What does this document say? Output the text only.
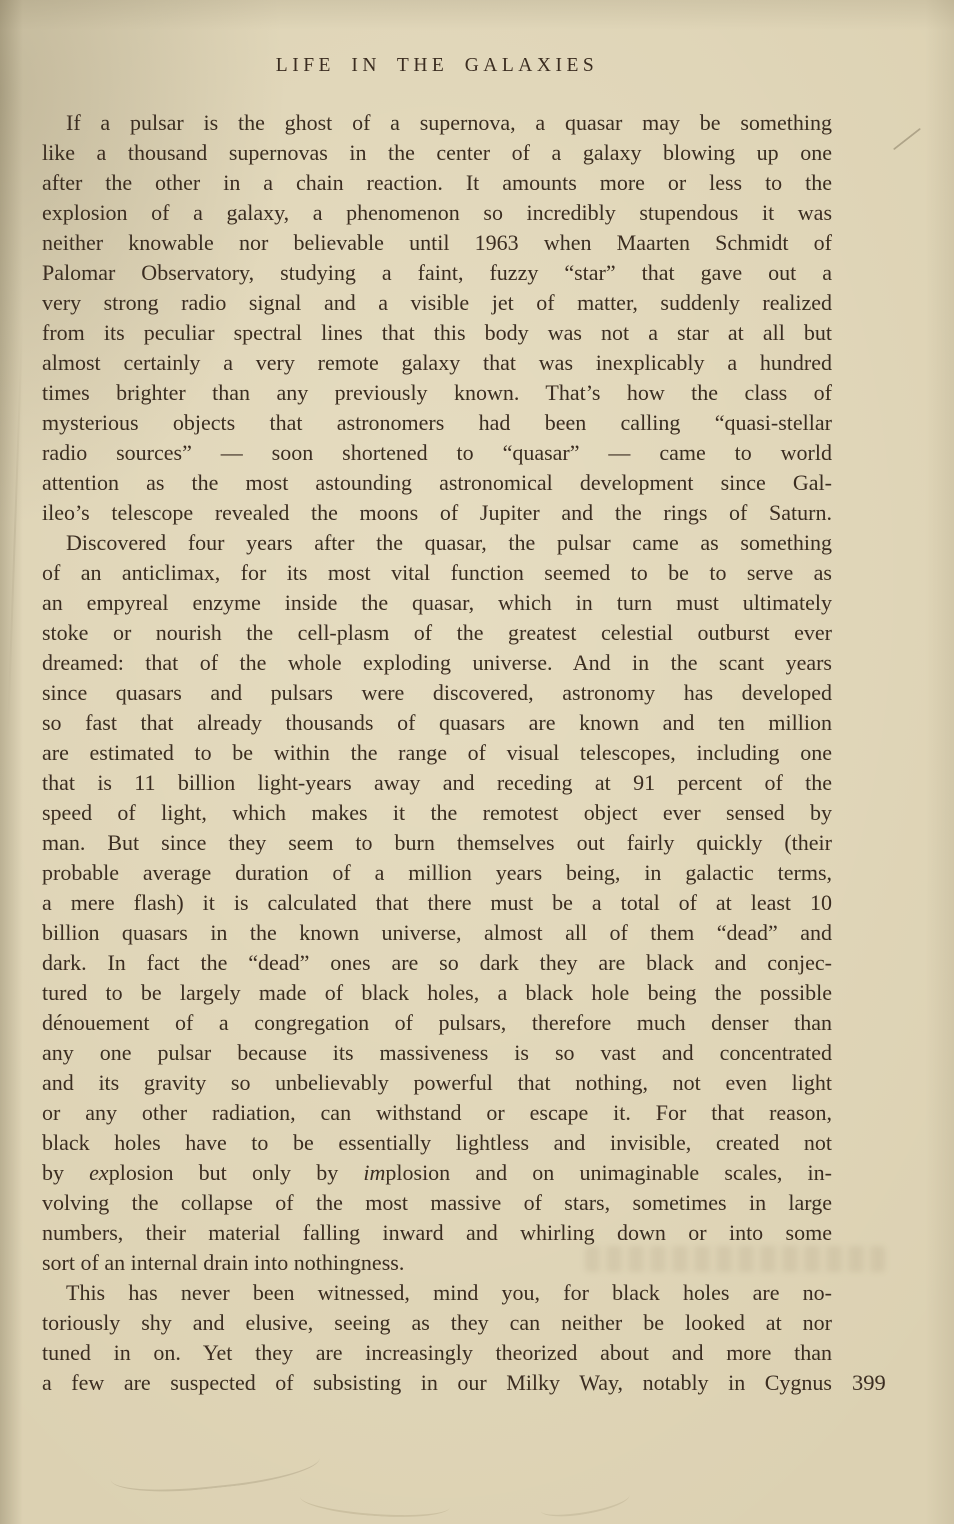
LIFE IN THE GALAXIES
If a pulsar is the ghost of a supernova, a quasar may be something
like a thousand supernovas in the center of a galaxy blowing up one
after the other in a chain reaction. It amounts more or less to the
explosion of a galaxy, a phenomenon so incredibly stupendous it was
neither knowable nor believable until 1963 when Maarten Schmidt of
Palomar Observatory, studying a faint, fuzzy “star” that gave out a
very strong radio signal and a visible jet of matter, suddenly realized
from its peculiar spectral lines that this body was not a star at all but
almost certainly a very remote galaxy that was inexplicably a hundred
times brighter than any previously known. That’s how the class of
mysterious objects that astronomers had been calling “quasi-stellar
radio sources” — soon shortened to “quasar” — came to world
attention as the most astounding astronomical development since Gal-
ileo’s telescope revealed the moons of Jupiter and the rings of Saturn.
Discovered four years after the quasar, the pulsar came as something
of an anticlimax, for its most vital function seemed to be to serve as
an empyreal enzyme inside the quasar, which in turn must ultimately
stoke or nourish the cell-plasm of the greatest celestial outburst ever
dreamed: that of the whole exploding universe. And in the scant years
since quasars and pulsars were discovered, astronomy has developed
so fast that already thousands of quasars are known and ten million
are estimated to be within the range of visual telescopes, including one
that is 11 billion light-years away and receding at 91 percent of the
speed of light, which makes it the remotest object ever sensed by
man. But since they seem to burn themselves out fairly quickly (their
probable average duration of a million years being, in galactic terms,
a mere flash) it is calculated that there must be a total of at least 10
billion quasars in the known universe, almost all of them “dead” and
dark. In fact the “dead” ones are so dark they are black and conjec-
tured to be largely made of black holes, a black hole being the possible
dénouement of a congregation of pulsars, therefore much denser than
any one pulsar because its massiveness is so vast and concentrated
and its gravity so unbelievably powerful that nothing, not even light
or any other radiation, can withstand or escape it. For that reason,
black holes have to be essentially lightless and invisible, created not
by explosion but only by implosion and on unimaginable scales, in-
volving the collapse of the most massive of stars, sometimes in large
numbers, their material falling inward and whirling down or into some
sort of an internal drain into nothingness.
This has never been witnessed, mind you, for black holes are no-
toriously shy and elusive, seeing as they can neither be looked at nor
tuned in on. Yet they are increasingly theorized about and more than
a few are suspected of subsisting in our Milky Way, notably in Cygnus 399
